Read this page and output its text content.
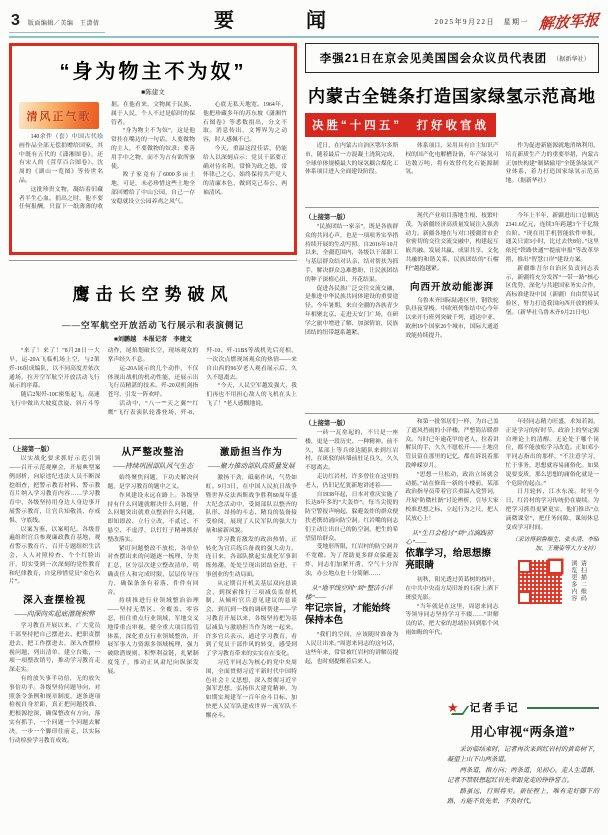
3 版面编辑／美编　王潇倩	要　闻	2025年9月22日　星期一 解放军报
“身为物主不为奴”
■陈建文
清风正气歌

140余件（套）中国古代绘画作品全部无偿捐赠给国家，其中既有五代的《潇湘图卷》，还有宋人的《萱草百合图卷》、沈周的《湖山一览图》等传世名品。

这批珍贵文物，凝结着旧藏者半生心血。捐出之时，他不要任何报酬，只留下一纸薄薄的收据。在他看来，文物属于民族、属于人民，个人不过是临时的保管者。

“身为物主不为奴”，这是他常挂在嘴边的一句话。人要做物的主人，不要做物的奴隶；要善用手中之物，而不为占有欲所驱使。

败子家竟有了6000多亩土地，可是，未必珍惜这些土地全部回赠给了中山公园，自己一存安稳就设立公园养鸡之风气。

心底无私天地宽。1964年，他把珍藏多年的苏东坡《潇湘竹石图卷》等悉数捐出，分文不取。消息传出，文博界为之动容，时人感佩不已。

今天，重温这段佳话，仍能给人以深刻启示：党员干部要正确对待名利，常修为政之德，常怀律己之心，始终保持共产党人的清廉本色，做到克己奉公、两袖清风。

鹰击长空势破风
——空军航空开放活动飞行展示和表演侧记
■刘鹏越　本报记者　李建文

“来了！来了！”8月28日一大早，运-20A飞临机场上空，与2架歼-16组成编队，以不同高度差依次通场，拉开空军航空开放活动飞行展示的序幕。

随后2架歼-10C密集起飞，高速飞行中做出大坡度盘旋、斜斤斗等动作，尾焰划破长空，现场观众的掌声经久不息。

运-20A展示的几个动作，不仅体现出战机的机动性能，还展示出飞行员精湛的技术。歼-20双机剑指苍穹，引发一阵欢呼。

活动中，“八一”“天之翼”“红鹰”飞行表演队轮番登场，歼-8、歼-10、歼-11BS等战机先后亮相，一次次点燃现场观众的热情——来自山西的96岁老人观看展示后，久久不愿离去。

“今天，人民空军越发强大，我们再也不用担心敌人的飞机在头上飞了！”老人感慨地说。

（上接第一版）

以实战化要求抓好示范引领——召开示范观摩会，开展典型案例剖析，向原违纪违法人员不断深挖细查，把警示教育材料、警示教育片纳入学习教育内容……学习教育中，各级坚持用身边人身边事开展警示教育，让官兵知敬畏、存戒惧、守底线。

以案为鉴、以案明纪。各级普遍组织官兵参观廉政教育基地，观看警示教育片，召开专题组织生活会，人人对照检查、个个红脸出汗，切实受到一次深刻的党性教育和纪律教育，自觉珍惜党员“金色名片”。

深入查摆检视
——向深向实起底潜规积弊

学习教育开展以来，广大党员干部坚持把自己摆进去、把职责摆进去、把工作摆进去，深入查摆检视问题，列出清单、建立台账，一项一项整改销号，推动学习教育走深走实。

有的放矢事半功倍，无的放矢事倍功半。各级坚持问题导向，对照条令条例和规章制度，逐条逐项检视自身差距，真正把问题找准、把根源挖深，确保整改有方向、落实有抓手，一个问题一个问题去解决，一步一个脚印往前走，以实际行动检验学习教育成效。

从严整改整治
——持续巩固部队风气生态

始终聚焦问题，下功夫解决问题，是学习教育的题中之义。

作风建设永远在路上。各级坚持有什么问题就解决什么问题，什么问题突出就重点整治什么问题，即知即改、立行立改，不贰过、不悬空、不虚浮，以钉钉子精神抓好整改落实。

紧盯问题整改不放松，各单位对查摆出来的问题逐一梳理、分类汇总，区分层次建立整改清单，明确责任人和完成时限，层层传导压力，确保条条有着落、件件有回音。

持续推进行业领域整治治理——坚持无禁区、全覆盖、零容忍，扭住重点行业领域，军地交叉地带重点审视，健全重大项目监管体系，深化重点行业领域整治，开展军事人力资源多领域梳理，强力破除潜规则、积弊利益链，扎紧制度笼子，推动正风肃纪向纵深发展。

激励担当作为
——聚力推动部队高质量发展

激扬干劲，砥砺作风，气势如虹。9月3日，在中国人民抗日战争暨世界反法西斯战争胜利80周年盛大纪念活动中，受阅部队以整齐的队形、昂扬的斗志、精良的装备接受检阅，展现了人民军队的强大力量和崭新风貌。

学习教育激发的政治热情，正转化为官兵练兵备战的强大动力。连日来，各部队掀起实战化军事训练热潮，处处呈现出团结奋进、干事创业的生动局面。

从定期召开机关基层双向恳谈会，到探索推行三项减负监督机制，从倾听官兵意见建议的恳谈会，到沉到一线的调研帮建——学习教育开展以来，各级坚持把为基层减负与激励担当作为统一起来，许多官兵表示，通过学习教育，看到了党员干部作风的转变，感受到了学习教育带来的实实在在变化。

习近平同志为核心的党中央周围，全面贯彻习近平新时代中国特色社会主义思想，深入贯彻习近平强军思想，弘扬伟大建党精神，为如期实现建军一百年奋斗目标、加快把人民军队建成世界一流军队不懈奋斗。

李强21日在京会见美国国会众议员代表团 （据新华社）
内蒙古全链条打造国家绿氢示范高地
决胜“十四五”　打好收官战

近日，在内蒙古自治区鄂尔多斯市，随着最后一方混凝土浇筑完成，全球单体规模最大的绿氢耦合煤化工体系项目进入全面建设阶段。

体系项目，采用具有自主知识产权的国产化电解槽设备，年产绿氢可达数万吨，将有效替代化石能源制氢。

作为促进新能源就地消纳利用、培育新质生产力的重要举措，内蒙古正加快构建“制储输用”全链条绿氢产业体系，着力打造国家绿氢示范高地。（据新华社）

（上接第一版）

“民族团结一家亲”，既是各族群众的共同心声，也是一项项务实举措持续开展的生动写照。自2016年10月以来，全疆范围内，各级以干部职工与基层群众结对认亲、结对帮扶为抓手，解决群众急难愁盼，让民族团结的种子深植心田、开花结果。

促进各民族广泛交往交流交融，是推进中华民族共同体建设的重要途径。今年暑期，来自全疆的各族青少年相聚北京、走进天安门广场，在研学之旅中增进了解、加深情谊，民族团结的纽带越系越紧。

现代产业项目落地生根、枝繁叶茂，为新疆经济高质量发展注入强劲动力。新疆各地在与对口援疆省市企业密切的交往交流交融中，构建起互嵌共融、发展共赢、成果共享、文化共融的和谐关系，民族团结的“石榴籽”越抱越紧。

向西开放动能澎湃

乌鲁木齐国际陆港区里，钢铁驼队昼夜穿梭。中欧班列集结中心今年以来开行班列突破千列，通达中亚、欧洲19个国家26个城市，国际大通道效能持续提升。

今年上半年，新疆进出口总额达2341.6亿元，连续3年跨越3个千亿级台阶。“现在用手机智能软件申报，通关只需3小时，比过去快8倍。”这里依托“铁路快通”“提前申报”等改革举措，推出“智慧口岸”建设方案。

新疆维吾尔自治区负责同志表示，新疆将充分发挥“一带一路”核心区优势，深化与共建国家务实合作，高标准建设中国（新疆）自由贸易试验区，努力打造我国向西开放的桥头堡。（新华社乌鲁木齐9月21日电）

（上接第一版）

一砖一瓦垒起的，不只是一座楼，更是一段历史、一种精神。前不久，某部上等兵徐达随队来到红岩村，在斑驳的砖墙前驻足良久，久久不愿离去。

走访红岩村，许多曾住在这里的老人，仍旧记忆犹新地讲述着——

自1938年起，日本对重庆实施了长达8年多的“大轰炸”。每当尖锐的防空警报声响起，躲避轰炸的群众便扶老携幼涌向防空洞。红岩嘴的同志们主动让出自己的防空洞，把生的希望留给群众。

受地形所限，红岩村的防空洞并不宽敞。为了帮助更多群众躲避轰炸，同志们加紧开凿，空气十分浑浊，办公地点也十分简陋……

从“地平线空间”到“整洁小洋楼”——
牢记宗旨，才能始终保持本色

“我们的空间，应该随时准备为人民让出来。”周恩来同志的这句话，这些年来，常常被红岩村的讲解员提起，也时刻提醒着后来人。

和第一批邻居们一样，为自己盖了遮风挡雨的小洋楼，严整简洁暖群众。当时已年逾花甲的老人，拉着讲解员的手，久久不愿松开——土地房管员留在那里的记忆，都在诉说着那段峥嵘岁月。

“思想一旦松动，政治立场就会动摇。”站在修葺一新的小楼前，某部政治指导员带着官兵重温入党誓词，开展“防微杜渐”讨论辨析，引导大家校准思想之标、立起行为之尺，把人民放心上！

从“生日会检讨”到“点滴践初心”——
依靠学习，给思想擦亮眼睛

初秋，阳光透过黄葛树的枝叶，在中共中央南方局旧址的石阶上洒下斑驳光影。

“当年就是在这里，周恩来同志等领导同志坚持学习不辍……”讲解员的话，把大家的思绪拉回到那个风雨如晦的年代。

年轻同志精力旺盛，求知若渴，正是学习的好时节。政治上的坚定源自理论上的清醒。无论处于哪个岗位，都不能放松学习改造。正如邓小平同志指出的那样，“不注意学习，忙于事务，思想就容易庸俗化。如果说要变质，那么思想的庸俗化就是一个危险的起点。”

日月轮转，江水东流。时至今日，红岩村的学习传统仍在赓续。为把学习抓得更紧更实，他们推出“点滴微课堂”，把任务间隙、课间休息变成学习时间。

（采访得到鲁顺生、张永清、李昭加、王珊姿等大力支持）
请扫描二维码
浏览更多内容
★ 记者手记
用心审视“两条道”

采访临结束时，记者再次来到红岩村的黄葛树下，凝望上山下山两条道。

两条道，指方向；两条道，见初心。走人生道路，记者不禁联想起红岩先辈跟党走的铮铮誓言。

路虽远，行则将至。新征程上，唯有走好脚下的路，方能不负先辈、不负时代。
